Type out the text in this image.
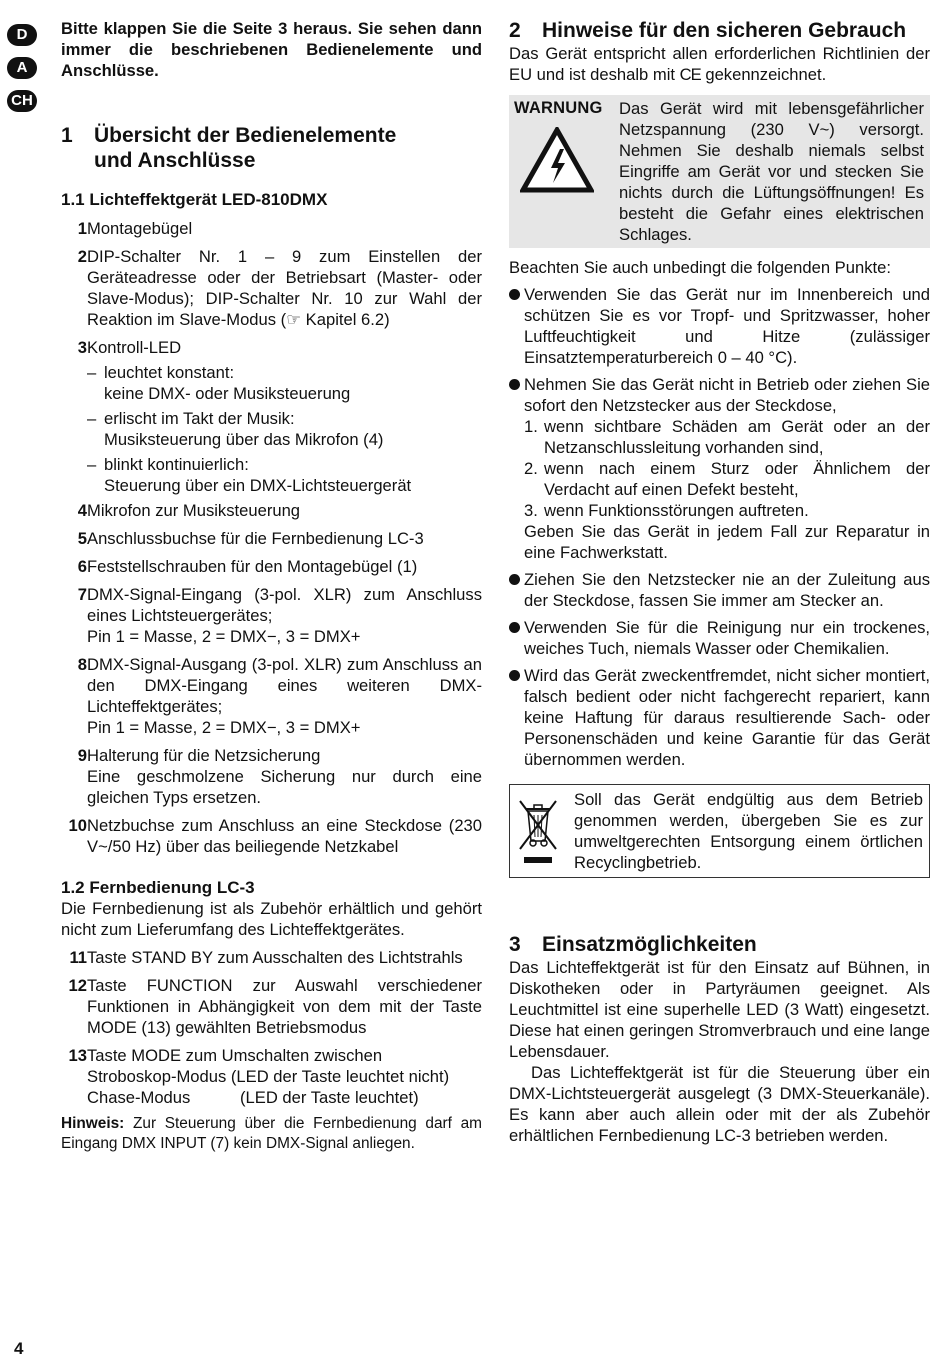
D
A
CH

Bitte klappen Sie die Seite 3 heraus. Sie sehen dann immer die beschriebenen Bedienelemente und Anschlüsse.

1 Übersicht der Bedienelemente
und Anschlüsse
1.1 Lichteffektgerät LED-810DMX
1 Montagebügel
2 DIP-Schalter Nr. 1 – 9 zum Einstellen der Geräteadresse oder der Betriebsart (Master- oder Slave-Modus); DIP-Schalter Nr. 10 zur Wahl der Reaktion im Slave-Modus (☞ Kapitel 6.2)
3 Kontroll-LED
– leuchtet konstant:
keine DMX- oder Musiksteuerung
– erlischt im Takt der Musik:
Musiksteuerung über das Mikrofon (4)
– blinkt kontinuierlich:
Steuerung über ein DMX-Lichtsteuergerät
4 Mikrofon zur Musiksteuerung
5 Anschlussbuchse für die Fernbedienung LC-3
6 Feststellschrauben für den Montagebügel (1)
7 DMX-Signal-Eingang (3-pol. XLR) zum Anschluss eines Lichtsteuergerätes;
Pin 1 = Masse, 2 = DMX−, 3 = DMX+
8 DMX-Signal-Ausgang (3-pol. XLR) zum Anschluss an den DMX-Eingang eines weiteren DMX-Lichteffektgerätes;
Pin 1 = Masse, 2 = DMX−, 3 = DMX+
9 Halterung für die Netzsicherung
Eine geschmolzene Sicherung nur durch eine gleichen Typs ersetzen.
10 Netzbuchse zum Anschluss an eine Steckdose (230 V~/50 Hz) über das beiliegende Netzkabel
1.2 Fernbedienung LC-3

Die Fernbedienung ist als Zubehör erhältlich und gehört nicht zum Lieferumfang des Lichteffektgerätes.

11 Taste STAND BY zum Ausschalten des Lichtstrahls
12 Taste FUNCTION zur Auswahl verschiedener Funktionen in Abhängigkeit von dem mit der Taste MODE (13) gewählten Betriebsmodus
13 Taste MODE zum Umschalten zwischen
Stroboskop-Modus (LED der Taste leuchtet nicht)
Chase-Modus	(LED der Taste leuchtet)

Hinweis: Zur Steuerung über die Fernbedienung darf am Eingang DMX INPUT (7) kein DMX-Signal anliegen.

2 Hinweise für den sicheren Gebrauch

Das Gerät entspricht allen erforderlichen Richtlinien der EU und ist deshalb mit CE gekennzeichnet.

WARNUNG Das Gerät wird mit lebensgefährlicher Netzspannung (230 V~) versorgt. Nehmen Sie deshalb niemals selbst Eingriffe am Gerät vor und stecken Sie nichts durch die Lüftungsöffnungen! Es besteht die Gefahr eines elektrischen Schlages.

Beachten Sie auch unbedingt die folgenden Punkte:

Verwenden Sie das Gerät nur im Innenbereich und schützen Sie es vor Tropf- und Spritzwasser, hoher Luftfeuchtigkeit und Hitze (zulässiger Einsatztemperaturbereich 0 – 40 °C).
Nehmen Sie das Gerät nicht in Betrieb oder ziehen Sie sofort den Netzstecker aus der Steckdose,
1. wenn sichtbare Schäden am Gerät oder an der Netzanschlussleitung vorhanden sind,
2. wenn nach einem Sturz oder Ähnlichem der Verdacht auf einen Defekt besteht,
3. wenn Funktionsstörungen auftreten.
Geben Sie das Gerät in jedem Fall zur Reparatur in eine Fachwerkstatt.
Ziehen Sie den Netzstecker nie an der Zuleitung aus der Steckdose, fassen Sie immer am Stecker an.
Verwenden Sie für die Reinigung nur ein trockenes, weiches Tuch, niemals Wasser oder Chemikalien.
Wird das Gerät zweckentfremdet, nicht sicher montiert, falsch bedient oder nicht fachgerecht repariert, kann keine Haftung für daraus resultierende Sach- oder Personenschäden und keine Garantie für das Gerät übernommen werden.
Soll das Gerät endgültig aus dem Betrieb genommen werden, übergeben Sie es zur umweltgerechten Entsorgung einem örtlichen Recyclingbetrieb.
3 Einsatzmöglichkeiten

Das Lichteffektgerät ist für den Einsatz auf Bühnen, in Diskotheken oder in Partyräumen geeignet. Als Leuchtmittel ist eine superhelle LED (3 Watt) eingesetzt. Diese hat einen geringen Stromverbrauch und eine lange Lebensdauer.

Das Lichteffektgerät ist für die Steuerung über ein DMX-Lichtsteuergerät ausgelegt (3 DMX-Steuerkanäle). Es kann aber auch allein oder mit der als Zubehör erhältlichen Fernbedienung LC-3 betrieben werden.

4
